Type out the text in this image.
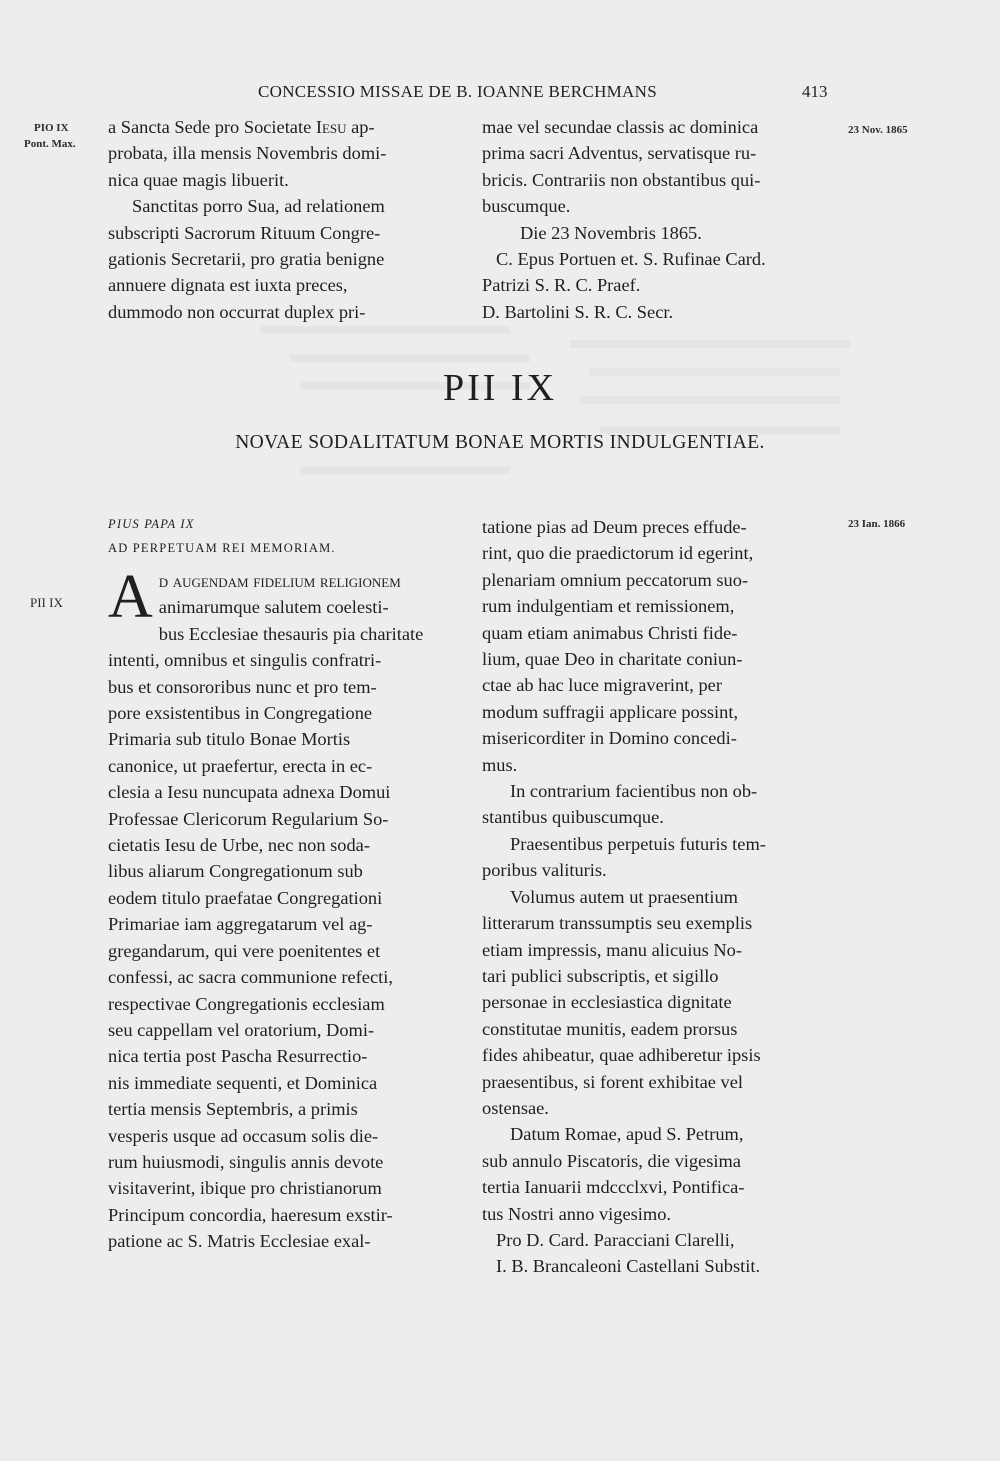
CONCESSIO MISSAE DE B. IOANNE BERCHMANS	413
PIO IX
Pont. Max.
23 Nov. 1865
23 Ian. 1866
PII IX

a Sancta Sede pro Societate Iesu ap-
probata, illa mensis Novembris domi-
nica quae magis libuerit.

Sanctitas porro Sua, ad relationem
subscripti Sacrorum Rituum Congre-
gationis Secretarii, pro gratia benigne
annuere dignata est iuxta preces,
dummodo non occurrat duplex pri-

mae vel secundae classis ac dominica
prima sacri Adventus, servatisque ru-
bricis. Contrariis non obstantibus qui-
buscumque.

Die 23 Novembris 1865.

C. Epus Portuen et. S. Rufinae Card.

Patrizi S. R. C. Praef.

D. Bartolini S. R. C. Secr.

PII IX
NOVAE SODALITATUM BONAE MORTIS INDULGENTIAE.

PIUS PAPA IX

AD PERPETUAM REI MEMORIAM.

A d augendam fidelium religionem
animarumque salutem coelesti-
bus Ecclesiae thesauris pia charitate
intenti, omnibus et singulis confratri-
bus et consororibus nunc et pro tem-
pore exsistentibus in Congregatione
Primaria sub titulo Bonae Mortis
canonice, ut praefertur, erecta in ec-
clesia a Iesu nuncupata adnexa Domui
Professae Clericorum Regularium So-
cietatis Iesu de Urbe, nec non soda-
libus aliarum Congregationum sub
eodem titulo praefatae Congregationi
Primariae iam aggregatarum vel ag-
gregandarum, qui vere poenitentes et
confessi, ac sacra communione refecti,
respectivae Congregationis ecclesiam
seu cappellam vel oratorium, Domi-
nica tertia post Pascha Resurrectio-
nis immediate sequenti, et Dominica
tertia mensis Septembris, a primis
vesperis usque ad occasum solis die-
rum huiusmodi, singulis annis devote
visitaverint, ibique pro christianorum
Principum concordia, haeresum exstir-
patione ac S. Matris Ecclesiae exal-

tatione pias ad Deum preces effude-
rint, quo die praedictorum id egerint,
plenariam omnium peccatorum suo-
rum indulgentiam et remissionem,
quam etiam animabus Christi fide-
lium, quae Deo in charitate coniun-
ctae ab hac luce migraverint, per
modum suffragii applicare possint,
misericorditer in Domino concedi-
mus.

In contrarium facientibus non ob-
stantibus quibuscumque.

Praesentibus perpetuis futuris tem-
poribus valituris.

Volumus autem ut praesentium
litterarum transsumptis seu exemplis
etiam impressis, manu alicuius No-
tari publici subscriptis, et sigillo
personae in ecclesiastica dignitate
constitutae munitis, eadem prorsus
fides ahibeatur, quae adhiberetur ipsis
praesentibus, si forent exhibitae vel
ostensae.

Datum Romae, apud S. Petrum,
sub annulo Piscatoris, die vigesima
tertia Ianuarii mdccclxvi, Pontifica-
tus Nostri anno vigesimo.

Pro D. Card. Paracciani Clarelli,

I. B. Brancaleoni Castellani Substit.
